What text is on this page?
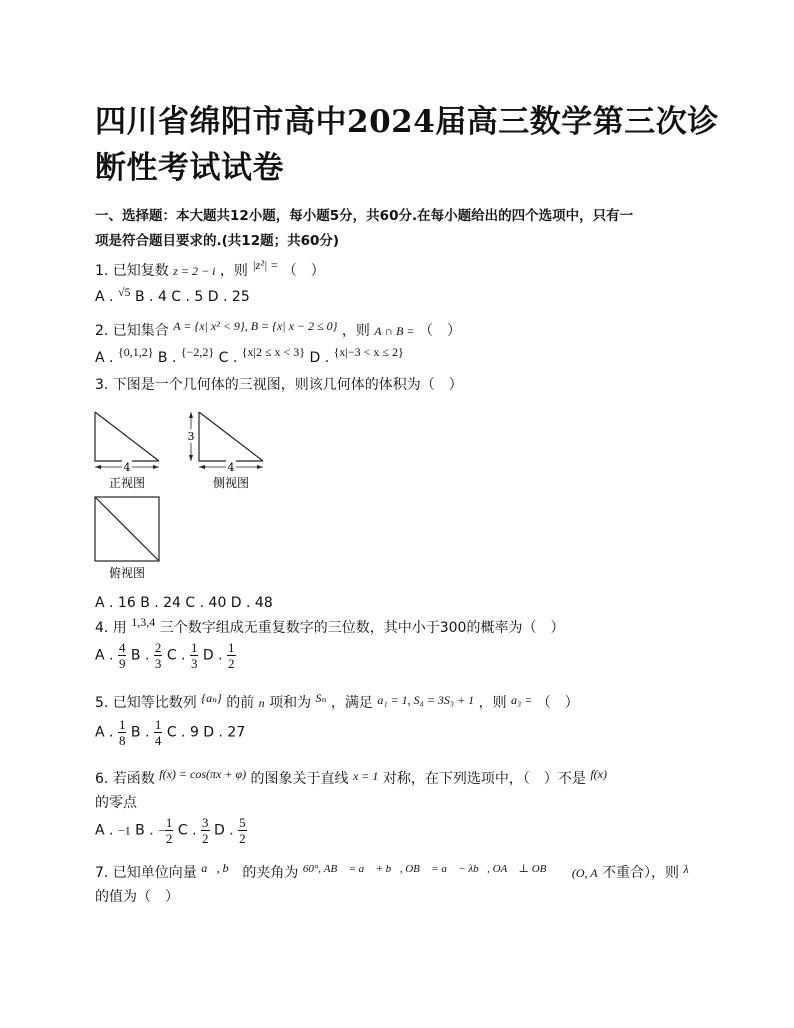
四川省绵阳市高中2024届高三数学第三次诊
断性考试试卷
一、选择题：本大题共12小题，每小题5分，共60分.在每小题给出的四个选项中，只有一
项是符合题目要求的.(共12题；共60分)
1. 已知复数 z = 2 − i ，则 |z²| = （　）
A . √5 B . 4 C . 5 D . 25
2. 已知集合 A = {x| x² < 9}, B = {x| x − 2 ≤ 0} ，则 A ∩ B = （　）
A . {0,1,2} B . {−2,2} C . {x|2 ≤ x < 3} D . {x|−3 < x ≤ 2}
3. 下图是一个几何体的三视图，则该几何体的体积为（　）
4
正视图
3
4
侧视图
俯视图
A . 16 B . 24 C . 40 D . 48
4. 用 1,3,4 三个数字组成无重复数字的三位数，其中小于300的概率为（　）
A . $\frac{4}{9}$ B . $\frac{2}{3}$ C . $\frac{1}{3}$ D . $\frac{1}{2}$
5. 已知等比数列 {aₙ} 的前 n 项和为 Sₙ ，满足 a₁ = 1, S₄ = 3S₃ + 1 ，则 a₃ = （　）
A . $\frac{1}{8}$ B . $\frac{1}{4}$ C . 9 D . 27
6. 若函数 f(x) = cos(πx + φ) 的图象关于直线 x = 1 对称，在下列选项中，（　）不是 f(x)
的零点
A . −1 B . − $\frac{1}{2}$ C . $\frac{3}{2}$ D . $\frac{5}{2}$
7. 已知单位向量 a⃗, b⃗ 的夹角为 $^{60^\circ, AB⃗ = a⃗ + b⃗, OB⃗ = a⃗ - \lambda b⃗, OA⃗ \perp OB⃗}$ (O, A 不重合），则 λ
的值为（　）
